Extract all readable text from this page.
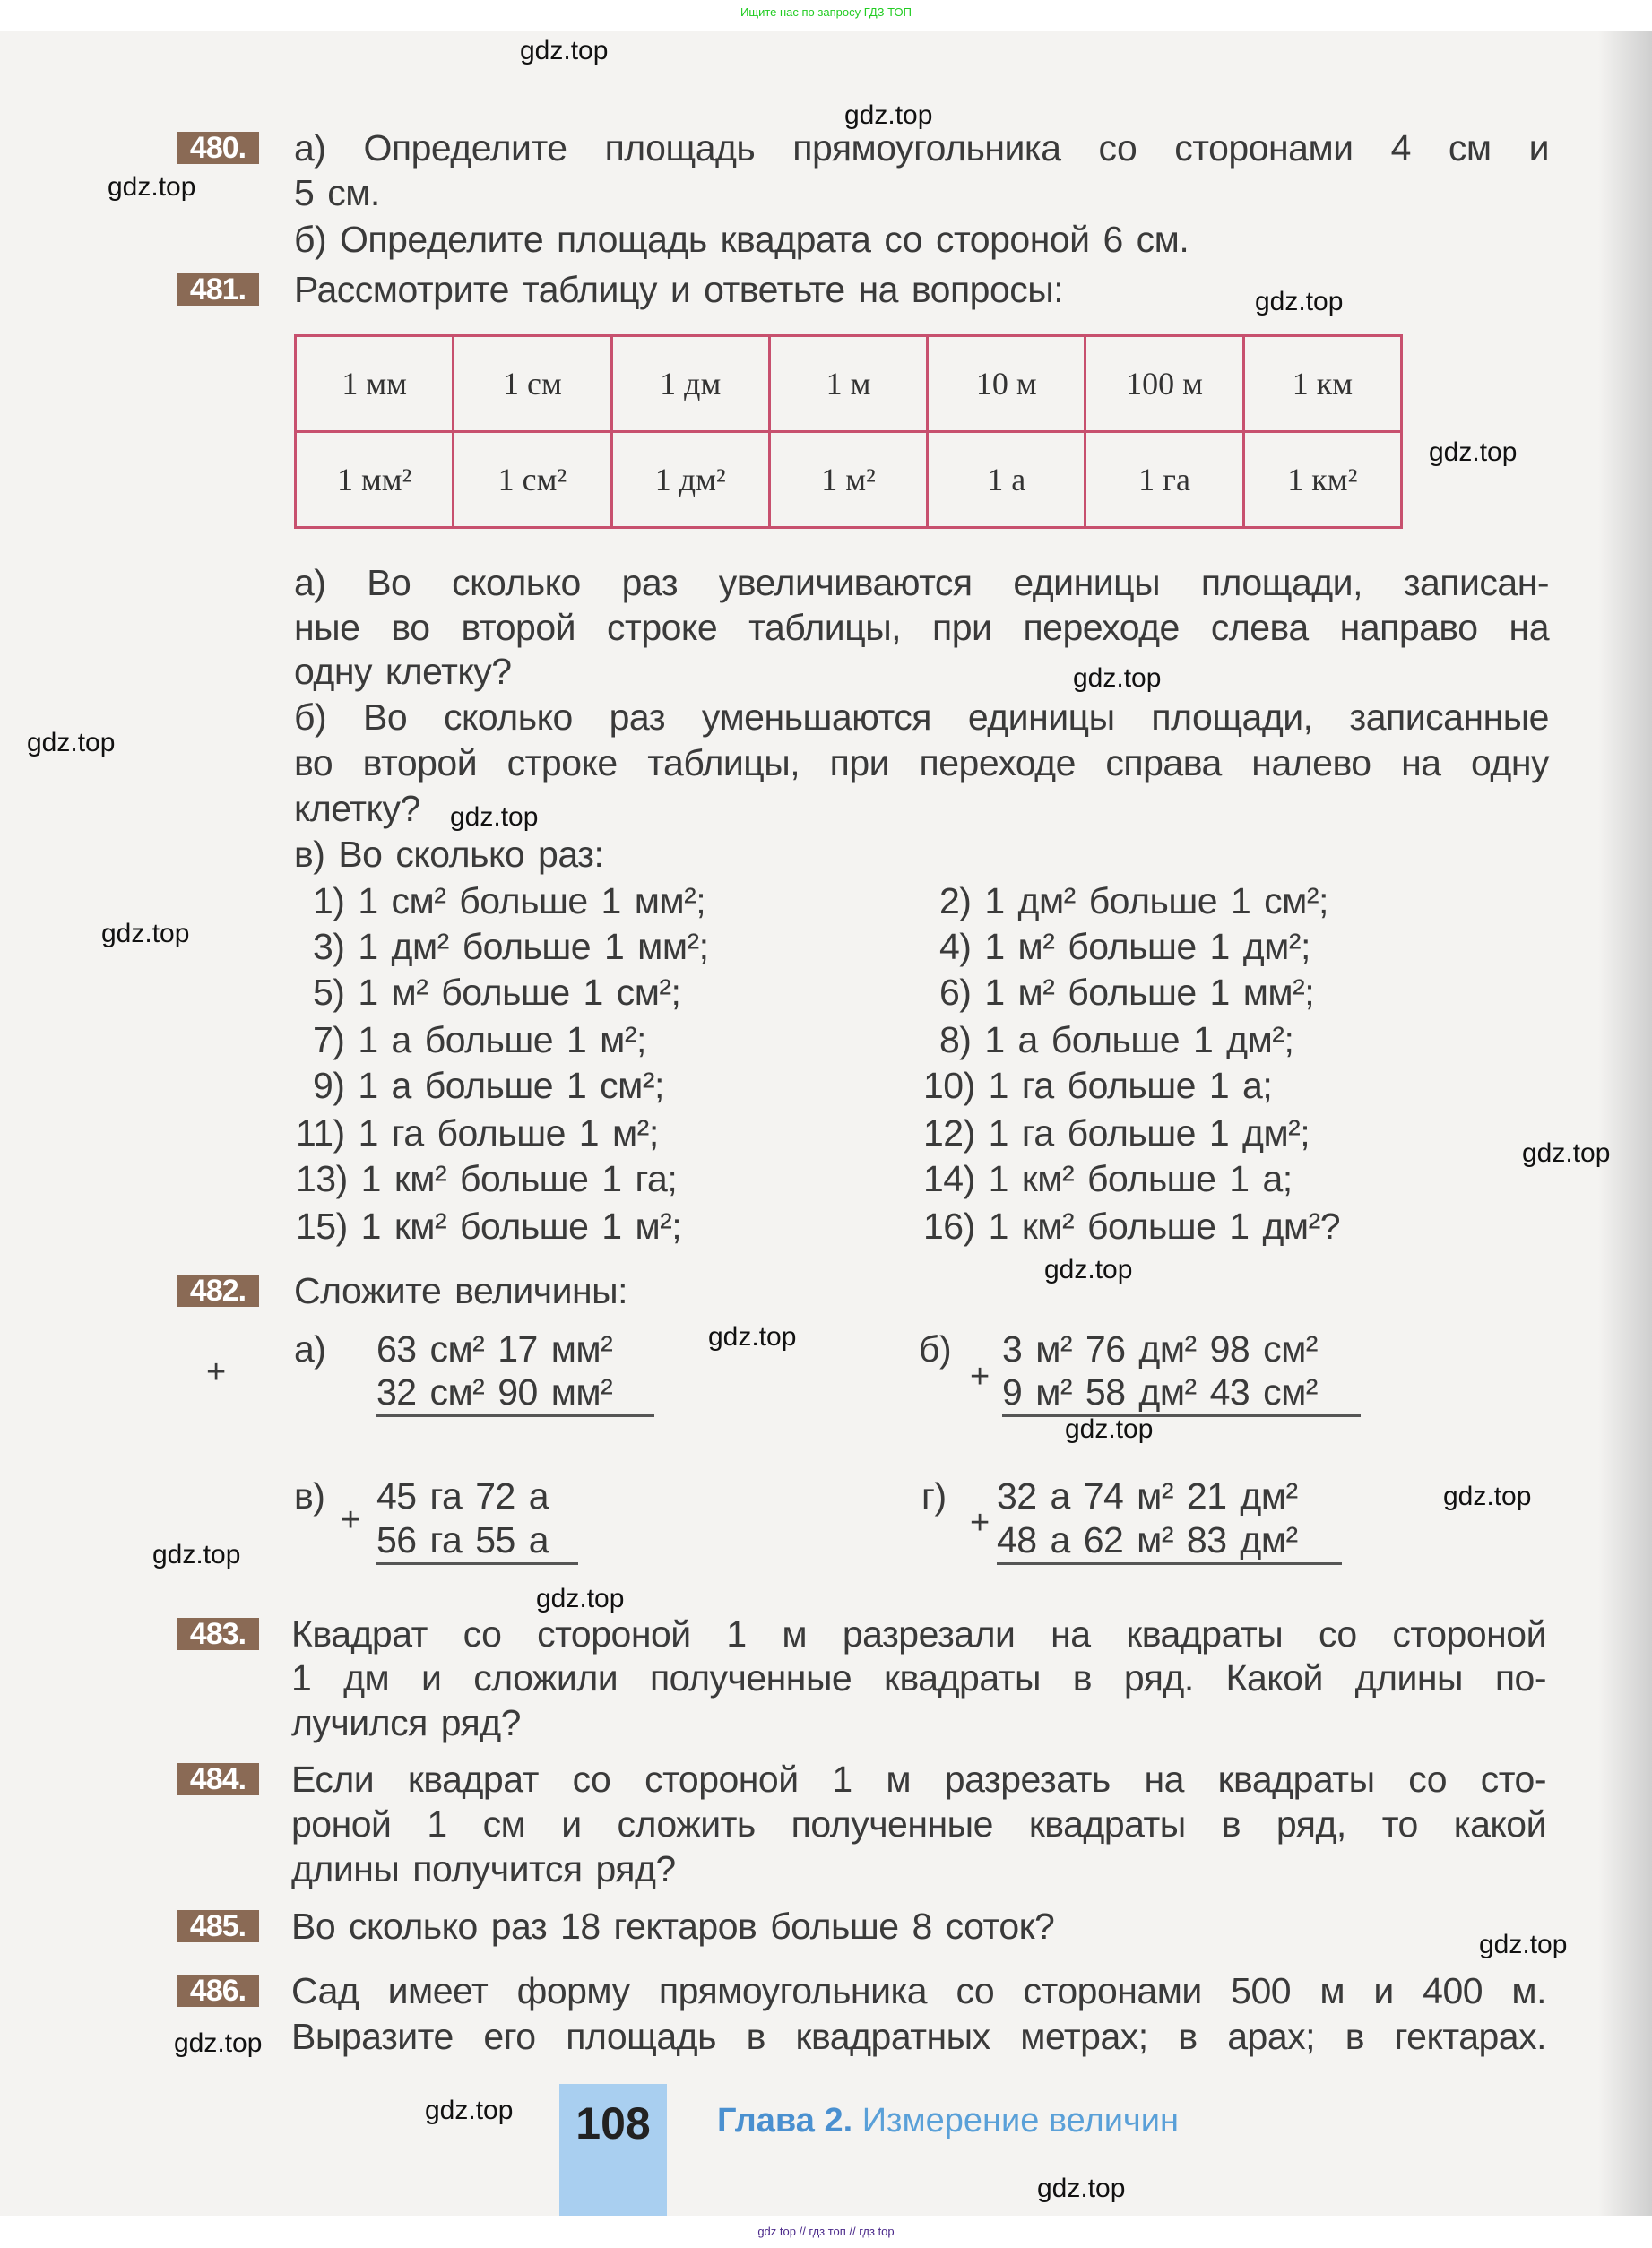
Ищите нас по запросу ГДЗ ТОП
480.	а) Определите площадь прямоугольника со сторонами 4 см и
5 см.
б) Определите площадь квадрата со стороной 6 см.
481.	Рассмотрите таблицу и ответьте на вопросы:
1 мм	1 см	1 дм	1 м	10 м	100 м	1 км
1 мм²	1 см²	1 дм²	1 м²	1 а	1 га	1 км²
а) Во сколько раз увеличиваются единицы площади, записан-
ные во второй строке таблицы, при переходе слева направо на
одну клетку?
б) Во сколько раз уменьшаются единицы площади, записанные
во второй строке таблицы, при переходе справа налево на одну
клетку?
в) Во сколько раз:
1) 1 см² больше 1 мм²;	2) 1 дм² больше 1 см²;
3) 1 дм² больше 1 мм²;	4) 1 м² больше 1 дм²;
5) 1 м² больше 1 см²;	6) 1 м² больше 1 мм²;
7) 1 а больше 1 м²;	8) 1 а больше 1 дм²;
9) 1 а больше 1 см²;	10) 1 га больше 1 а;
11) 1 га больше 1 м²;	12) 1 га больше 1 дм²;
13) 1 км² больше 1 га;	14) 1 км² больше 1 а;
15) 1 км² больше 1 м²;	16) 1 км² больше 1 дм²?
482.	Сложите величины:
а)
+
63 см² 17 мм²
32 см² 90 мм²
б)
+
3 м² 76 дм² 98 см²
9 м² 58 дм² 43 см²
в)
+
45 га 72 а
56 га 55 а
г)
+
32 а 74 м² 21 дм²
48 а 62 м² 83 дм²
483.	Квадрат со стороной 1 м разрезали на квадраты со стороной
1 дм и сложили полученные квадраты в ряд. Какой длины по-
лучился ряд?
484.	Если квадрат со стороной 1 м разрезать на квадраты со сто-
роной 1 см и сложить полученные квадраты в ряд, то какой
длины получится ряд?
485.	Во сколько раз 18 гектаров больше 8 соток?
486.	Сад имеет форму прямоугольника со сторонами 500 м и 400 м.
Выразите его площадь в квадратных метрах; в арах; в гектарах.
108	Глава 2. Измерение величин
gdz top // гдз топ // гдз top
gdz.top
gdz.top
gdz.top
gdz.top
gdz.top
gdz.top
gdz.top
gdz.top
gdz.top
gdz.top
gdz.top
gdz.top
gdz.top
gdz.top
gdz.top
gdz.top
gdz.top
gdz.top
gdz.top
gdz.top
